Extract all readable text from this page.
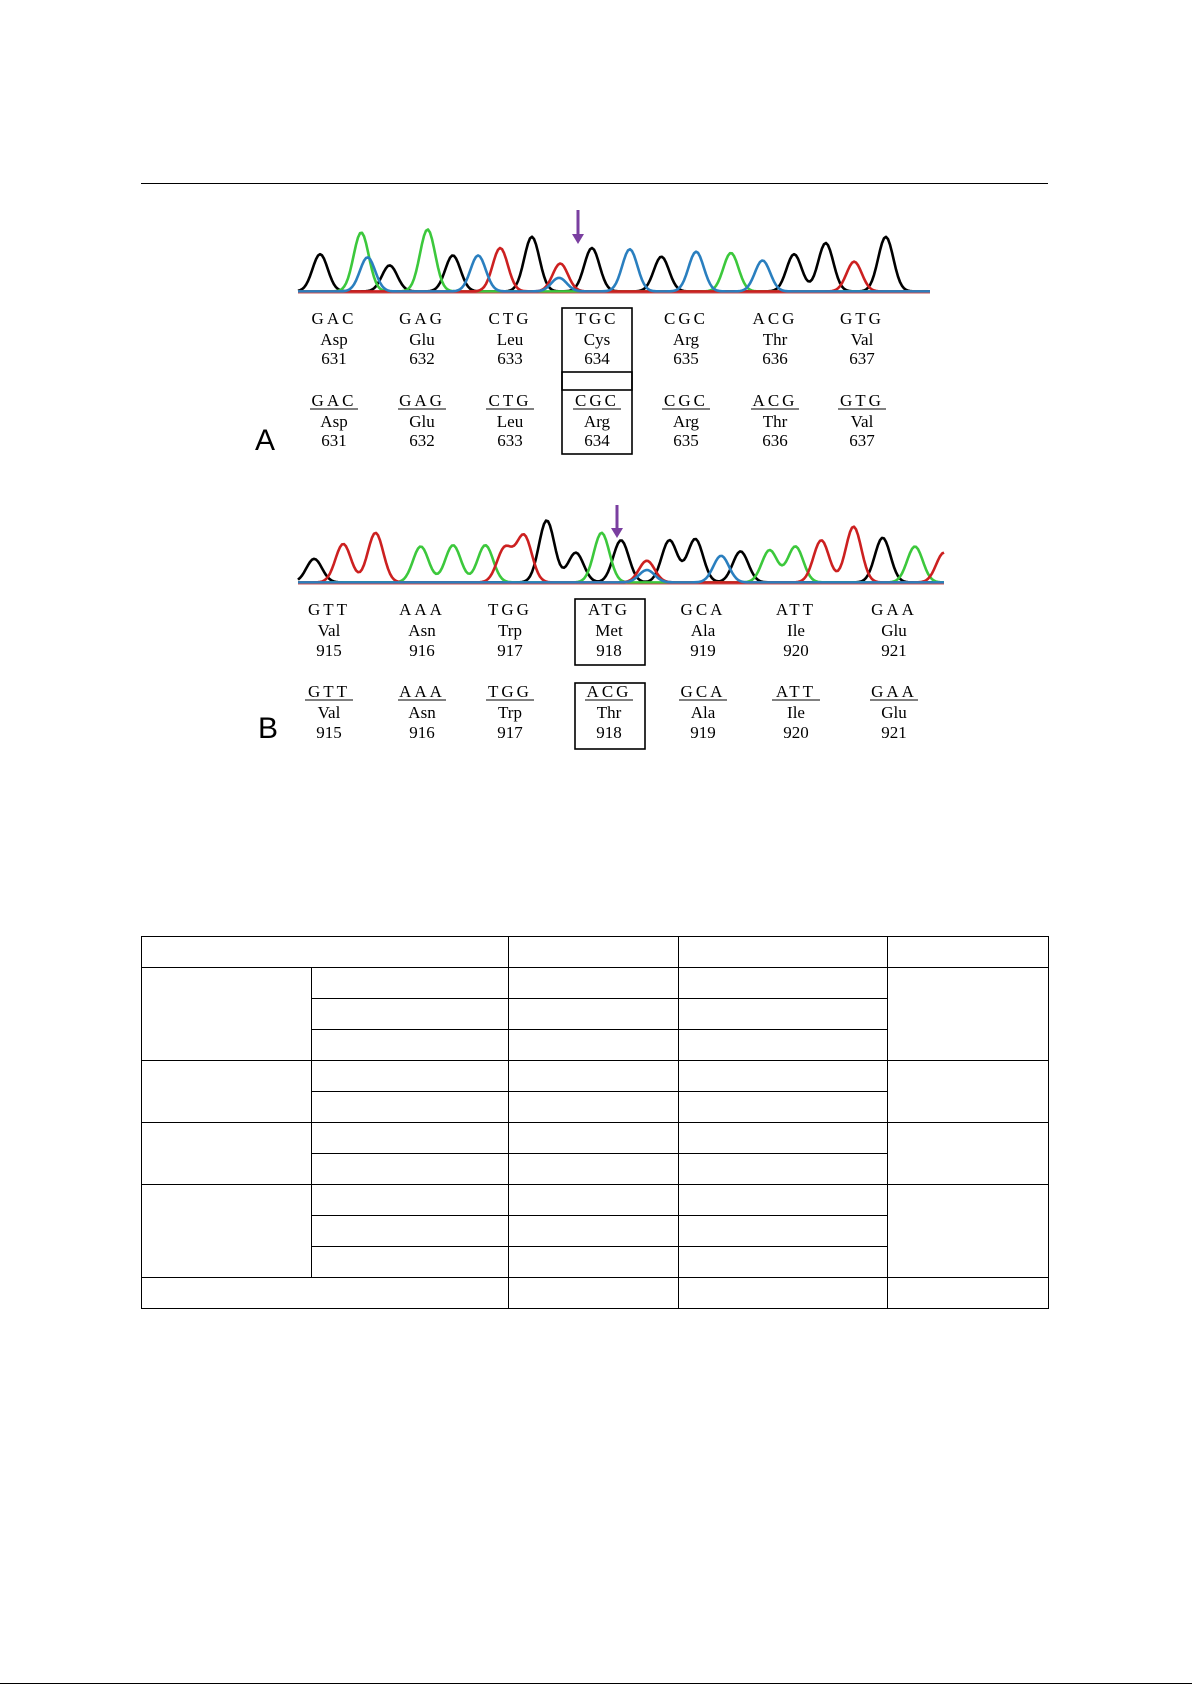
GAC	GAG	CTG	TGC	CGC	ACG	GTG
Asp	Glu	Leu	Cys	Arg	Thr	Val
631	632	633	634	635	636	637
GAC	GAG	CTG	CGC	CGC	ACG	GTG
Asp	Glu	Leu	Arg	Arg	Thr	Val
631	632	633	634	635	636	637
A
GTT	AAA	TGG	ATG	GCA	ATT	GAA
Val	Asn	Trp	Met	Ala	Ile	Glu
915	916	917	918	919	920	921
GTT	AAA	TGG	ACG	GCA	ATT	GAA
Val	Asn	Trp	Thr	Ala	Ile	Glu
915	916	917	918	919	920	921
B
